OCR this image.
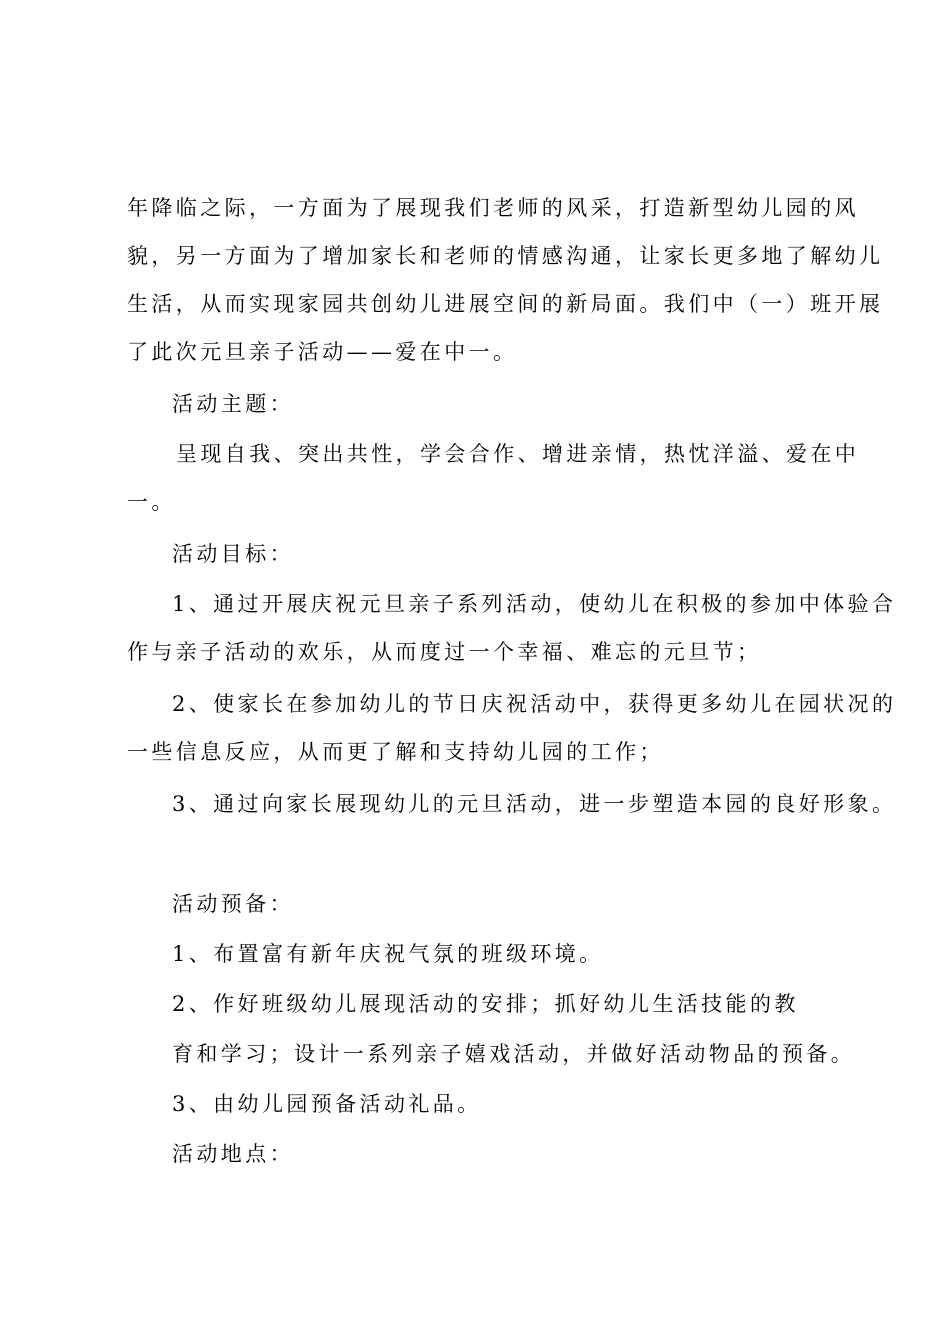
年降临之际，一方面为了展现我们老师的风采，打造新型幼儿园的风
貌，另一方面为了增加家长和老师的情感沟通，让家长更多地了解幼儿
生活，从而实现家园共创幼儿进展空间的新局面。我们中（一）班开展
了此次元旦亲子活动——爱在中一。
活动主题：
呈现自我、突出共性，学会合作、增进亲情，热忱洋溢、爱在中
一。
活动目标：
1、通过开展庆祝元旦亲子系列活动，使幼儿在积极的参加中体验合
作与亲子活动的欢乐，从而度过一个幸福、难忘的元旦节；
2、使家长在参加幼儿的节日庆祝活动中，获得更多幼儿在园状况的
一些信息反应，从而更了解和支持幼儿园的工作；
3、通过向家长展现幼儿的元旦活动，进一步塑造本园的良好形象。
活动预备：
1、布置富有新年庆祝气氛的班级环境。
2、作好班级幼儿展现活动的安排；抓好幼儿生活技能的教
育和学习；设计一系列亲子嬉戏活动，并做好活动物品的预备。
3、由幼儿园预备活动礼品。
活动地点：
